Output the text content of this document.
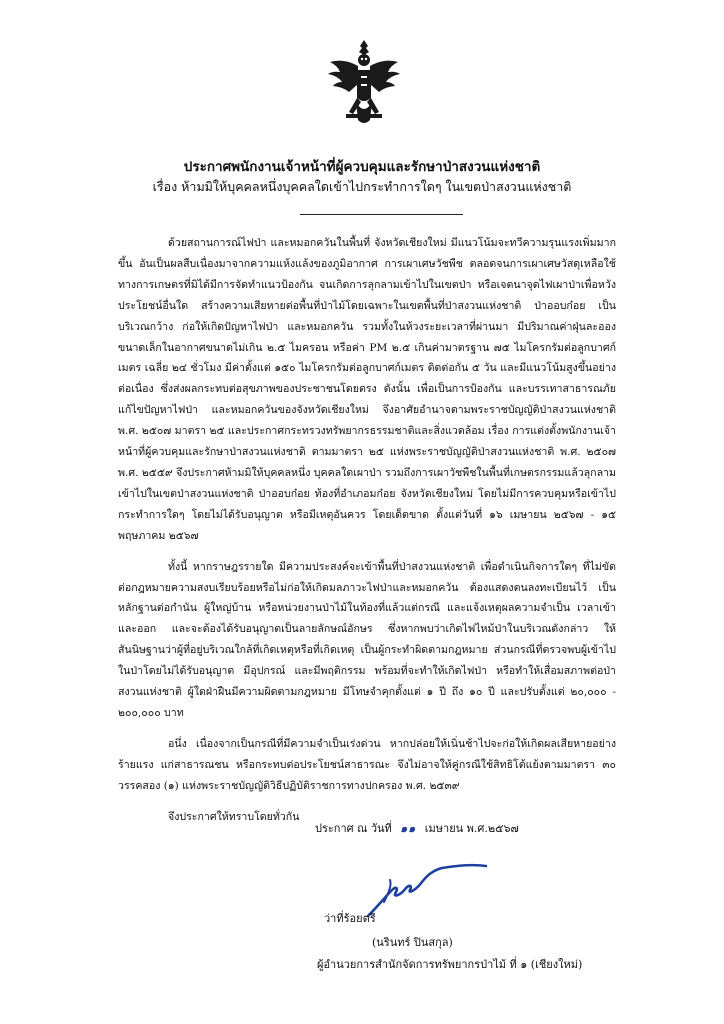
ประกาศพนักงานเจ้าหน้าที่ผู้ควบคุมและรักษาป่าสงวนแห่งชาติ
เรื่อง ห้ามมิให้บุคคลหนึ่งบุคคลใดเข้าไปกระทำการใดๆ ในเขตป่าสงวนแห่งชาติ

ด้วยสถานการณ์ไฟป่า และหมอกควันในพื้นที่ จังหวัดเชียงใหม่ มีแนวโน้มจะทวีความรุนแรงเพิ่มมากขึ้น อันเป็นผลสืบเนื่องมาจากความแห้งแล้งของภูมิอากาศ การเผาเศษวัชพืช ตลอดจนการเผาเศษวัสดุเหลือใช้ทางการเกษตรที่มิได้มีการจัดทำแนวป้องกัน จนเกิดการลุกลามเข้าไปในเขตป่า หรือเจตนาจุดไฟเผาป่าเพื่อหวังประโยชน์อื่นใด สร้างความเสียหายต่อพื้นที่ป่าไม้โดยเฉพาะในเขตพื้นที่ป่าสงวนแห่งชาติ ป่าออบก๋อย เป็นบริเวณกว้าง ก่อให้เกิดปัญหาไฟป่า และหมอกควัน รวมทั้งในห้วงระยะเวลาที่ผ่านมา มีปริมาณค่าฝุ่นละอองขนาดเล็กในอากาศขนาดไม่เกิน ๒.๕ ไมครอน หรือค่า PM ๒.๕ เกินค่ามาตรฐาน ๗๕ ไมโครกรัมต่อลูกบาศก์เมตร เฉลี่ย ๒๔ ชั่วโมง มีค่าตั้งแต่ ๑๕๐ ไมโครกรัมต่อลูกบาศก์เมตร ติดต่อกัน ๕ วัน และมีแนวโน้มสูงขึ้นอย่างต่อเนื่อง ซึ่งส่งผลกระทบต่อสุขภาพของประชาชนโดยตรง ดังนั้น เพื่อเป็นการป้องกัน และบรรเทาสาธารณภัย แก้ไขปัญหาไฟป่า และหมอกควันของจังหวัดเชียงใหม่ จึงอาศัยอำนาจตามพระราชบัญญัติป่าสงวนแห่งชาติ พ.ศ. ๒๕๐๗ มาตรา ๒๕ และประกาศกระทรวงทรัพยากรธรรมชาติและสิ่งแวดล้อม เรื่อง การแต่งตั้งพนักงานเจ้าหน้าที่ผู้ควบคุมและรักษาป่าสงวนแห่งชาติ ตามมาตรา ๒๕ แห่งพระราชบัญญัติป่าสงวนแห่งชาติ พ.ศ. ๒๕๐๗ พ.ศ. ๒๕๕๙ จึงประกาศห้ามมิให้บุคคลหนึ่ง บุคคลใดเผาป่า รวมถึงการเผาวัชพืชในพื้นที่เกษตรกรรมแล้วลุกลามเข้าไปในเขตป่าสงวนแห่งชาติ ป่าออบก๋อย ท้องที่อำเภอมก๋อย จังหวัดเชียงใหม่ โดยไม่มีการควบคุมหรือเข้าไปกระทำการใดๆ โดยไม่ได้รับอนุญาต หรือมีเหตุอันควร โดยเด็ดขาด ตั้งแต่วันที่ ๑๖ เมษายน ๒๕๖๗ - ๑๕ พฤษภาคม ๒๕๖๗

ทั้งนี้ หากราษฎรรายใด มีความประสงค์จะเข้าพื้นที่ป่าสงวนแห่งชาติ เพื่อดำเนินกิจการใดๆ ที่ไม่ขัดต่อกฎหมายความสงบเรียบร้อยหรือไม่ก่อให้เกิดมลภาวะไฟป่าและหมอกควัน ต้องแสดงตนลงทะเบียนไว้ เป็นหลักฐานต่อกำนัน ผู้ใหญ่บ้าน หรือหน่วยงานป่าไม้ในท้องที่แล้วแต่กรณี และแจ้งเหตุผลความจำเป็น เวลาเข้าและออก และจะต้องได้รับอนุญาตเป็นลายลักษณ์อักษร ซึ่งหากพบว่าเกิดไฟไหม้ป่าในบริเวณดังกล่าว ให้สันนิษฐานว่าผู้ที่อยู่บริเวณใกล้ที่เกิดเหตุหรือที่เกิดเหตุ เป็นผู้กระทำผิดตามกฎหมาย ส่วนกรณีที่ตรวจพบผู้เข้าไปในป่าโดยไม่ได้รับอนุญาต มีอุปกรณ์ และมีพฤติกรรม พร้อมที่จะทำให้เกิดไฟป่า หรือทำให้เสื่อมสภาพต่อป่าสงวนแห่งชาติ ผู้ใดฝ่าฝืนมีความผิดตามกฎหมาย มีโทษจำคุกตั้งแต่ ๑ ปี ถึง ๑๐ ปี และปรับตั้งแต่ ๒๐,๐๐๐ - ๒๐๐,๐๐๐ บาท

อนึ่ง เนื่องจากเป็นกรณีที่มีความจำเป็นเร่งด่วน หากปล่อยให้เนิ่นช้าไปจะก่อให้เกิดผลเสียหายอย่างร้ายแรง แก่สาธารณชน หรือกระทบต่อประโยชน์สาธารณะ จึงไม่อาจให้คู่กรณีใช้สิทธิโต้แย้งตามมาตรา ๓๐ วรรคสอง (๑) แห่งพระราชบัญญัติวิธีปฏิบัติราชการทางปกครอง พ.ศ. ๒๕๓๙

จึงประกาศให้ทราบโดยทั่วกัน

ประกาศ ณ วันที่ ๑๑ เมษายน พ.ศ.๒๕๖๗
ว่าที่ร้อยตรี
(นรินทร์ ปินสกุล)
ผู้อำนวยการสำนักจัดการทรัพยากรป่าไม้ ที่ ๑ (เชียงใหม่)
